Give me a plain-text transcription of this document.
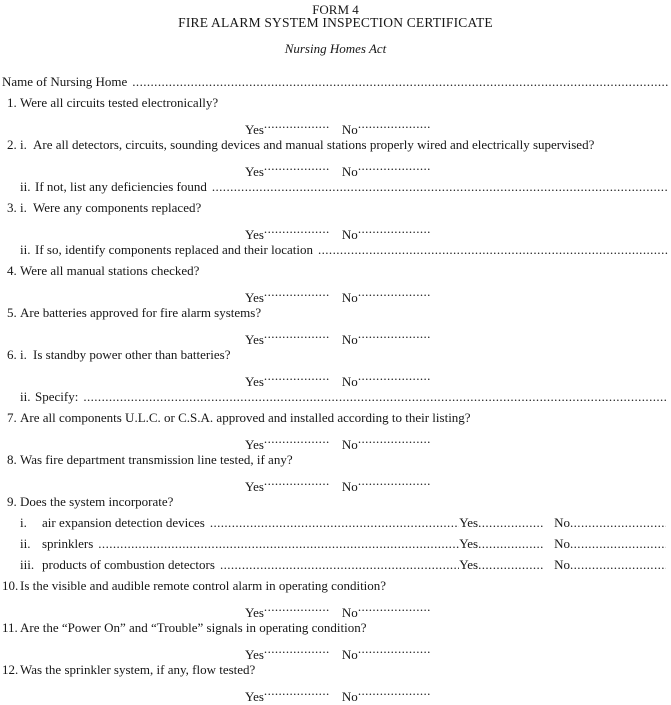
FORM 4
FIRE ALARM SYSTEM INSPECTION CERTIFICATE
Nursing Homes Act
Name of Nursing Home
.....
1. Were all circuits tested electronically?
Yes .....	No.....
2. i. Are all detectors, circuits, sounding devices and manual stations properly wired and electrically supervised?
Yes .....	No.....
ii. If not, list any deficiencies found
.....
3. i. Were any components replaced?
Yes .....	No.....
ii. If so, identify components replaced and their location
.....
4. Were all manual stations checked?
Yes .....	No.....
5. Are batteries approved for fire alarm systems?
Yes .....	No.....
6. i. Is standby power other than batteries?
Yes .....	No.....
ii. Specify:
.....
7. Are all components U.L.C. or C.S.A. approved and installed according to their listing?
Yes .....	No.....
8. Was fire department transmission line tested, if any?
Yes .....	No.....
9. Does the system incorporate?
i.	air expansion detection devices .....	Yes .....	No
.....
ii. sprinklers .....	Yes .....	No
.....
iii. products of combustion detectors .....	Yes .....	No
.....
10. Is the visible and audible remote control alarm in operating condition?
Yes .....	No.....
11. Are the “Power On” and “Trouble” signals in operating condition?
Yes .....	No.....
12. Was the sprinkler system, if any, flow tested?
Yes .....	No.....
